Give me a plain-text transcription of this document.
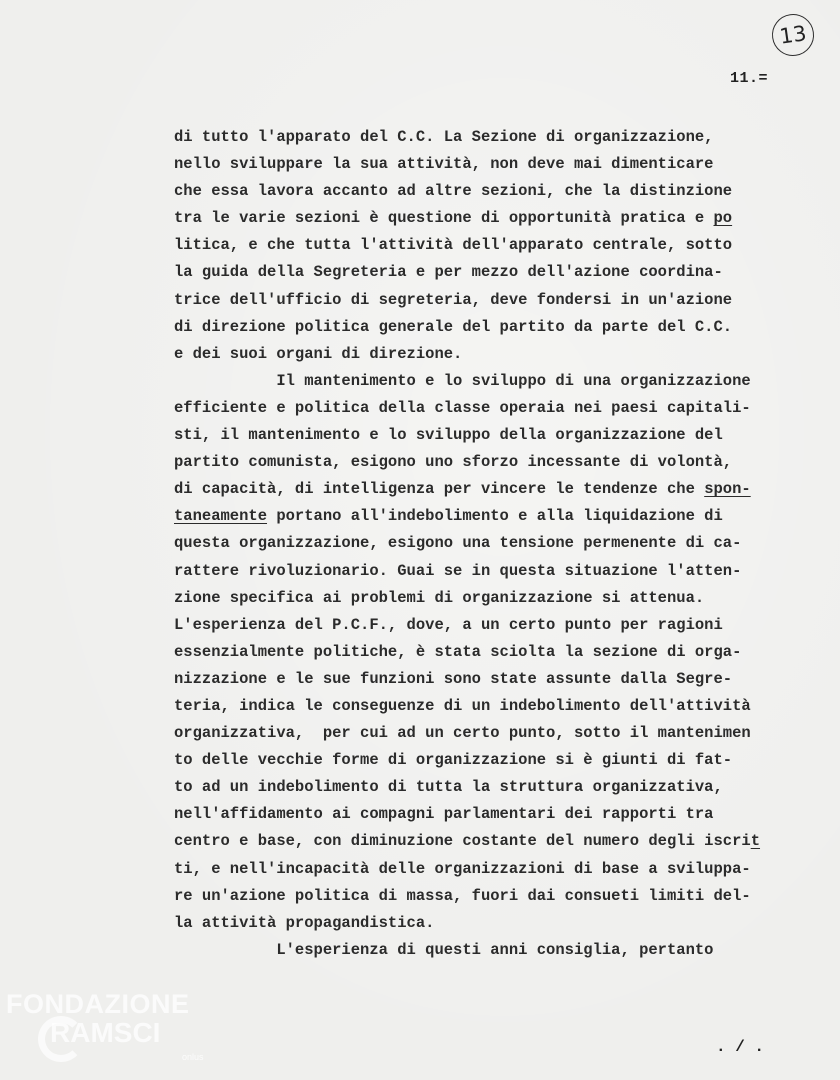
13
11.=
di tutto l'apparato del C.C. La Sezione di organizzazione,
nello sviluppare la sua attività, non deve mai dimenticare
che essa lavora accanto ad altre sezioni, che la distinzione
tra le varie sezioni è questione di opportunità pratica e po
litica, e che tutta l'attività dell'apparato centrale, sotto
la guida della Segreteria e per mezzo dell'azione coordina-
trice dell'ufficio di segreteria, deve fondersi in un'azione
di direzione politica generale del partito da parte del C.C.
e dei suoi organi di direzione.
Il mantenimento e lo sviluppo di una organizzazione
efficiente e politica della classe operaia nei paesi capitali-
sti, il mantenimento e lo sviluppo della organizzazione del
partito comunista, esigono uno sforzo incessante di volontà,
di capacità, di intelligenza per vincere le tendenze che spon-
taneamente portano all'indebolimento e alla liquidazione di
questa organizzazione, esigono una tensione permenente di ca-
rattere rivoluzionario. Guai se in questa situazione l'atten-
zione specifica ai problemi di organizzazione si attenua.
L'esperienza del P.C.F., dove, a un certo punto per ragioni
essenzialmente politiche, è stata sciolta la sezione di orga-
nizzazione e le sue funzioni sono state assunte dalla Segre-
teria, indica le conseguenze di un indebolimento dell'attività
organizzativa,  per cui ad un certo punto, sotto il mantenimen
to delle vecchie forme di organizzazione si è giunti di fat-
to ad un indebolimento di tutta la struttura organizzativa,
nell'affidamento ai compagni parlamentari dei rapporti tra
centro e base, con diminuzione costante del numero degli iscrit
ti, e nell'incapacità delle organizzazioni di base a sviluppa-
re un'azione politica di massa, fuori dai consueti limiti del-
la attività propagandistica.
L'esperienza di questi anni consiglia, pertanto
. / .
FONDAZIONE
RAMSCI
onlus
